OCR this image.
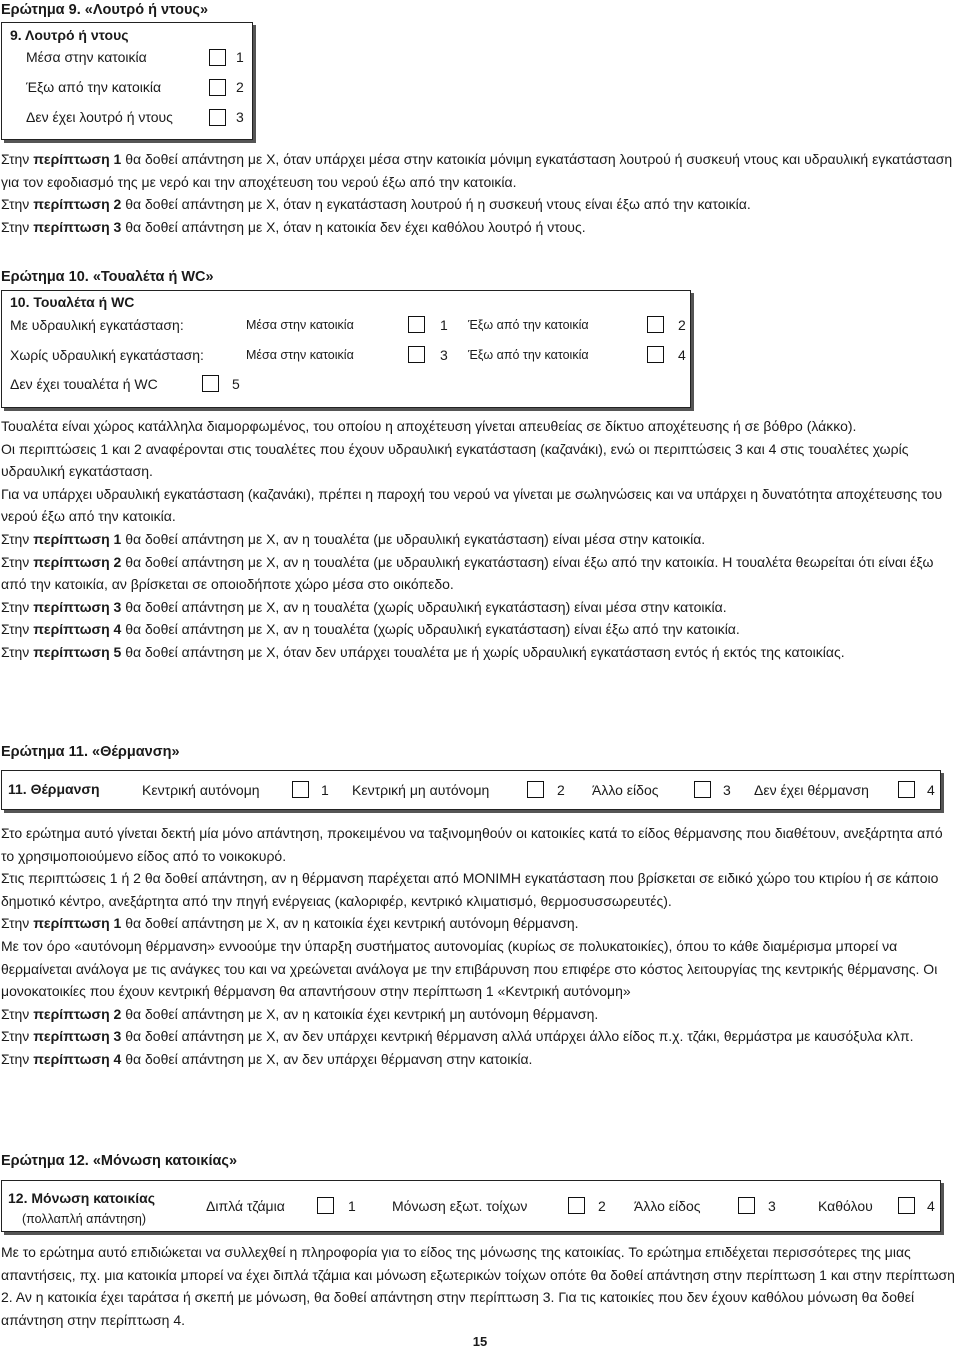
Ερώτημα 9. «Λουτρό ή ντους»
9. Λουτρό ή ντους
Μέσα στην κατοικία	1
Έξω από την κατοικία	2
Δεν έχει λουτρό ή ντους	3

Στην περίπτωση 1 θα δοθεί απάντηση με Χ, όταν υπάρχει μέσα στην κατοικία μόνιμη εγκατάσταση λουτρού ή συσκευή ντους και υδραυλική εγκατάσταση για τον εφοδιασμό της με νερό και την αποχέτευση του νερού έξω από την κατοικία.

Στην περίπτωση 2 θα δοθεί απάντηση με Χ, όταν η εγκατάσταση λουτρού ή η συσκευή ντους είναι έξω από την κατοικία.

Στην περίπτωση 3 θα δοθεί απάντηση με Χ, όταν η κατοικία δεν έχει καθόλου λουτρό ή ντους.

Ερώτημα 10. «Τουαλέτα ή WC»
10. Τουαλέτα ή WC
Με υδραυλική εγκατάσταση:	Μέσα στην κατοικία	1 Έξω από την κατοικία	2
Χωρίς υδραυλική εγκατάσταση:	Μέσα στην κατοικία	3 Έξω από την κατοικία	4
Δεν έχει τουαλέτα ή WC	5

Τουαλέτα είναι χώρος κατάλληλα διαμορφωμένος, του οποίου η αποχέτευση γίνεται απευθείας σε δίκτυο αποχέτευσης ή σε βόθρο (λάκκο).

Οι περιπτώσεις 1 και 2 αναφέρονται στις τουαλέτες που έχουν υδραυλική εγκατάσταση (καζανάκι), ενώ οι περιπτώσεις 3 και 4 στις τουαλέτες χωρίς υδραυλική εγκατάσταση.

Για να υπάρχει υδραυλική εγκατάσταση (καζανάκι), πρέπει η παροχή του νερού να γίνεται με σωληνώσεις και να υπάρχει η δυνατότητα αποχέτευσης του νερού έξω από την κατοικία.

Στην περίπτωση 1 θα δοθεί απάντηση με Χ, αν η τουαλέτα (με υδραυλική εγκατάσταση) είναι μέσα στην κατοικία.

Στην περίπτωση 2 θα δοθεί απάντηση με Χ, αν η τουαλέτα (με υδραυλική εγκατάσταση) είναι έξω από την κατοικία. Η τουαλέτα θεωρείται ότι είναι έξω από την κατοικία, αν βρίσκεται σε οποιοδήποτε χώρο μέσα στο οικόπεδο.

Στην περίπτωση 3 θα δοθεί απάντηση με Χ, αν η τουαλέτα (χωρίς υδραυλική εγκατάσταση) είναι μέσα στην κατοικία.

Στην περίπτωση 4 θα δοθεί απάντηση με Χ, αν η τουαλέτα (χωρίς υδραυλική εγκατάσταση) είναι έξω από την κατοικία.

Στην περίπτωση 5 θα δοθεί απάντηση με Χ, όταν δεν υπάρχει τουαλέτα με ή χωρίς υδραυλική εγκατάσταση εντός ή εκτός της κατοικίας.

Ερώτημα 11. «Θέρμανση»
11. Θέρμανση	Κεντρική αυτόνομη	1 Κεντρική μη αυτόνομη	2 Άλλο είδος	3 Δεν έχει θέρμανση	4

Στο ερώτημα αυτό γίνεται δεκτή μία μόνο απάντηση, προκειμένου να ταξινομηθούν οι κατοικίες κατά το είδος θέρμανσης που διαθέτουν, ανεξάρτητα από το χρησιμοποιούμενο είδος από το νοικοκυρό.

Στις περιπτώσεις 1 ή 2 θα δοθεί απάντηση, αν η θέρμανση παρέχεται από ΜΟΝΙΜΗ εγκατάσταση που βρίσκεται σε ειδικό χώρο του κτιρίου ή σε κάποιο δημοτικό κέντρο, ανεξάρτητα από την πηγή ενέργειας (καλοριφέρ, κεντρικό κλιματισμό, θερμοσυσσωρευτές).

Στην περίπτωση 1 θα δοθεί απάντηση με Χ, αν η κατοικία έχει κεντρική αυτόνομη θέρμανση.

Με τον όρο «αυτόνομη θέρμανση» εννοούμε την ύπαρξη συστήματος αυτονομίας (κυρίως σε πολυκατοικίες), όπου το κάθε διαμέρισμα μπορεί να θερμαίνεται ανάλογα με τις ανάγκες του και να χρεώνεται ανάλογα με την επιβάρυνση που επιφέρε στο κόστος λειτουργίας της κεντρικής θέρμανσης. Οι μονοκατοικίες που έχουν κεντρική θέρμανση θα απαντήσουν στην περίπτωση 1 «Κεντρική αυτόνομη»

Στην περίπτωση 2 θα δοθεί απάντηση με Χ, αν η κατοικία έχει κεντρική μη αυτόνομη θέρμανση.

Στην περίπτωση 3 θα δοθεί απάντηση με Χ, αν δεν υπάρχει κεντρική θέρμανση αλλά υπάρχει άλλο είδος π.χ. τζάκι, θερμάστρα με καυσόξυλα κλπ.

Στην περίπτωση 4 θα δοθεί απάντηση με Χ, αν δεν υπάρχει θέρμανση στην κατοικία.

Ερώτημα 12. «Μόνωση κατοικίας»
12. Μόνωση κατοικίας
(πολλαπλή απάντηση)
Διπλά τζάμια	1	Μόνωση εξωτ. τοίχων	2 Άλλο είδος	3	Καθόλου	4

Με το ερώτημα αυτό επιδιώκεται να συλλεχθεί η πληροφορία για το είδος της μόνωσης της κατοικίας. Το ερώτημα επιδέχεται περισσότερες της μιας απαντήσεις, πχ. μια κατοικία μπορεί να έχει διπλά τζάμια και μόνωση εξωτερικών τοίχων οπότε θα δοθεί απάντηση στην περίπτωση 1 και στην περίπτωση 2. Αν η κατοικία έχει ταράτσα ή σκεπή με μόνωση, θα δοθεί απάντηση στην περίπτωση 3. Για τις κατοικίες που δεν έχουν καθόλου μόνωση θα δοθεί απάντηση στην περίπτωση 4.

15
